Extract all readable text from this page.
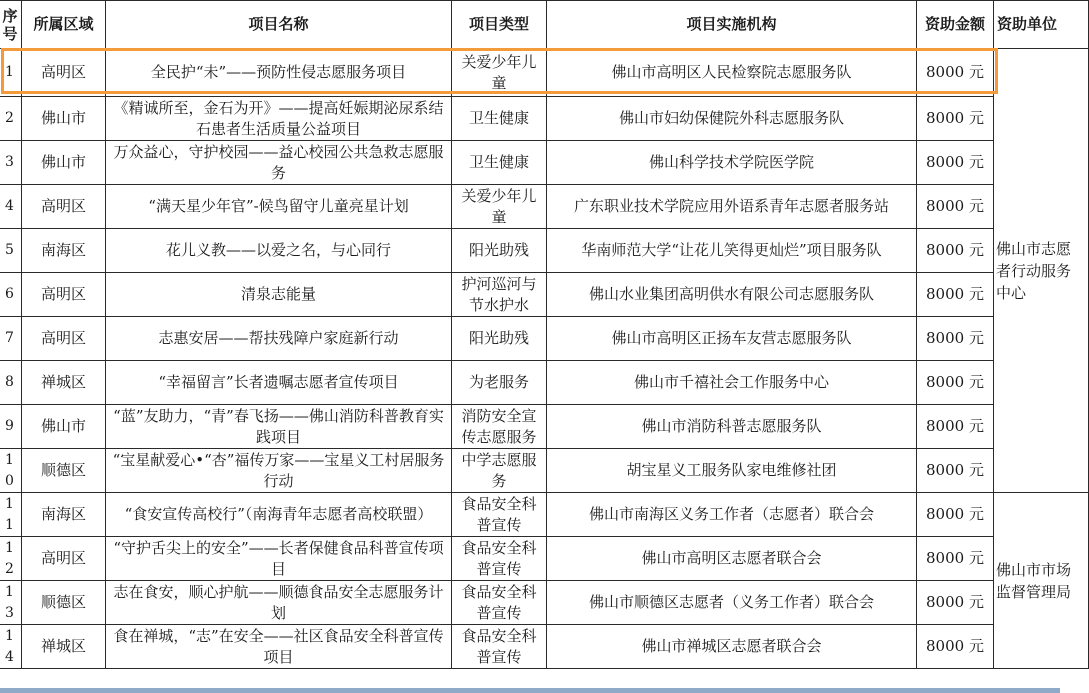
序号	所属区域	项目名称	项目类型	项目实施机构	资助金额	资助单位
1	高明区	全民护“未”——预防性侵志愿服务项目	关爱少年儿童	佛山市高明区人民检察院志愿服务队	8000 元	佛山市志愿者行动服务中心
2	佛山市	《精诚所至，金石为开》——提高妊娠期泌尿系结石患者生活质量公益项目	卫生健康	佛山市妇幼保健院外科志愿服务队	8000 元	
3	佛山市	万众益心，守护校园——益心校园公共急救志愿服务	卫生健康	佛山科学技术学院医学院	8000 元	
4	高明区	“满天星少年官”-候鸟留守儿童亮星计划	关爱少年儿童	广东职业技术学院应用外语系青年志愿者服务站	8000 元	
5	南海区	花儿义教——以爱之名，与心同行	阳光助残	华南师范大学“让花儿笑得更灿烂”项目服务队	8000 元	
6	高明区	清泉志能量	护河巡河与节水护水	佛山水业集团高明供水有限公司志愿服务队	8000 元	
7	高明区	志惠安居——帮扶残障户家庭新行动	阳光助残	佛山市高明区正扬车友营志愿服务队	8000 元	
8	禅城区	“幸福留言”长者遗嘱志愿者宣传项目	为老服务	佛山市千禧社会工作服务中心	8000 元	
9	佛山市	“蓝”友助力，“青”春飞扬——佛山消防科普教育实践项目	消防安全宣传志愿服务	佛山市消防科普志愿服务队	8000 元	
10	顺德区	“宝星献爱心•“杏”福传万家——宝星义工村居服务行动	中学志愿服务	胡宝星义工服务队家电维修社团	8000 元	
11	南海区	“食安宣传高校行”（南海青年志愿者高校联盟）	食品安全科普宣传	佛山市南海区义务工作者（志愿者）联合会	8000 元	佛山市市场监督管理局
12	高明区	“守护舌尖上的安全”——长者保健食品科普宣传项目	食品安全科普宣传	佛山市高明区志愿者联合会	8000 元	
13	顺德区	志在食安，顺心护航——顺德食品安全志愿服务计划	食品安全科普宣传	佛山市顺德区志愿者（义务工作者）联合会	8000 元	
14	禅城区	食在禅城，“志”在安全——社区食品安全科普宣传项目	食品安全科普宣传	佛山市禅城区志愿者联合会	8000 元	
